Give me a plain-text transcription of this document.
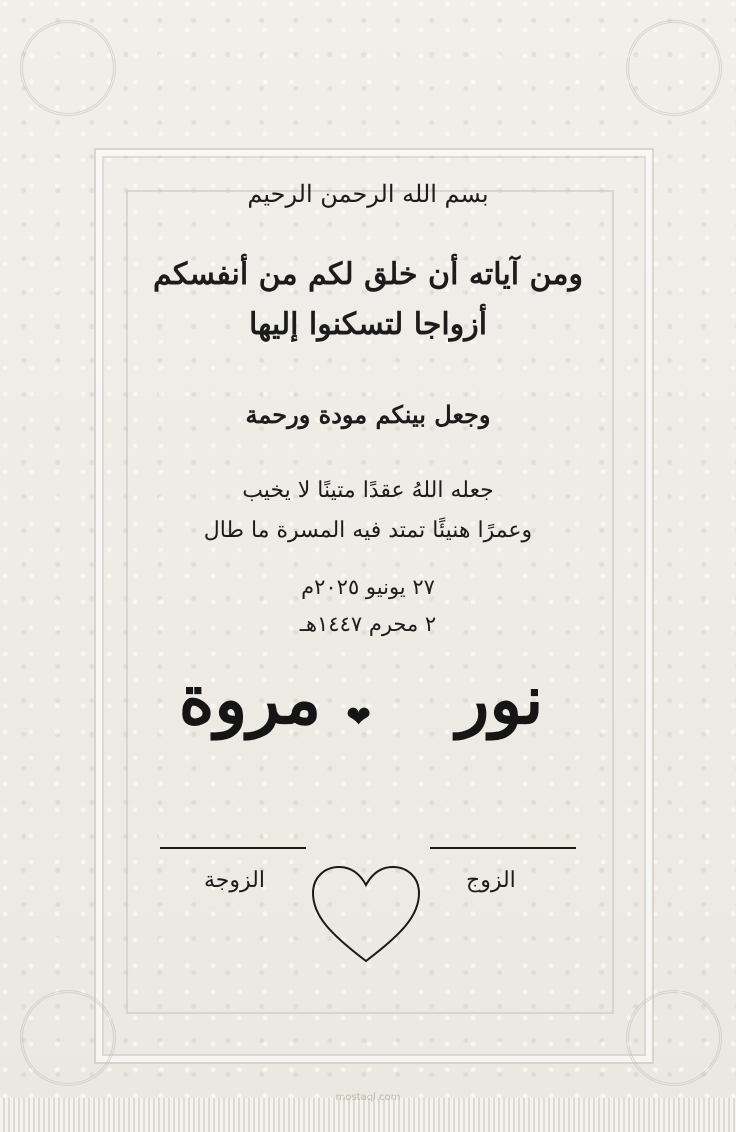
بسم الله الرحمن الرحيم
ومن آياته أن خلق لكم من أنفسكم أزواجا لتسكنوا إليها
وجعل بينكم مودة ورحمة
جعله اللهُ عقدًا متينًا لا يخيب
وعمرًا هنيئًا تمتد فيه المسرة ما طال
٢٧ يونيو ٢٠٢٥م
٢ محرم ١٤٤٧هـ
نور
❤
مروة
الزوج
الزوجة
mostaql.com
